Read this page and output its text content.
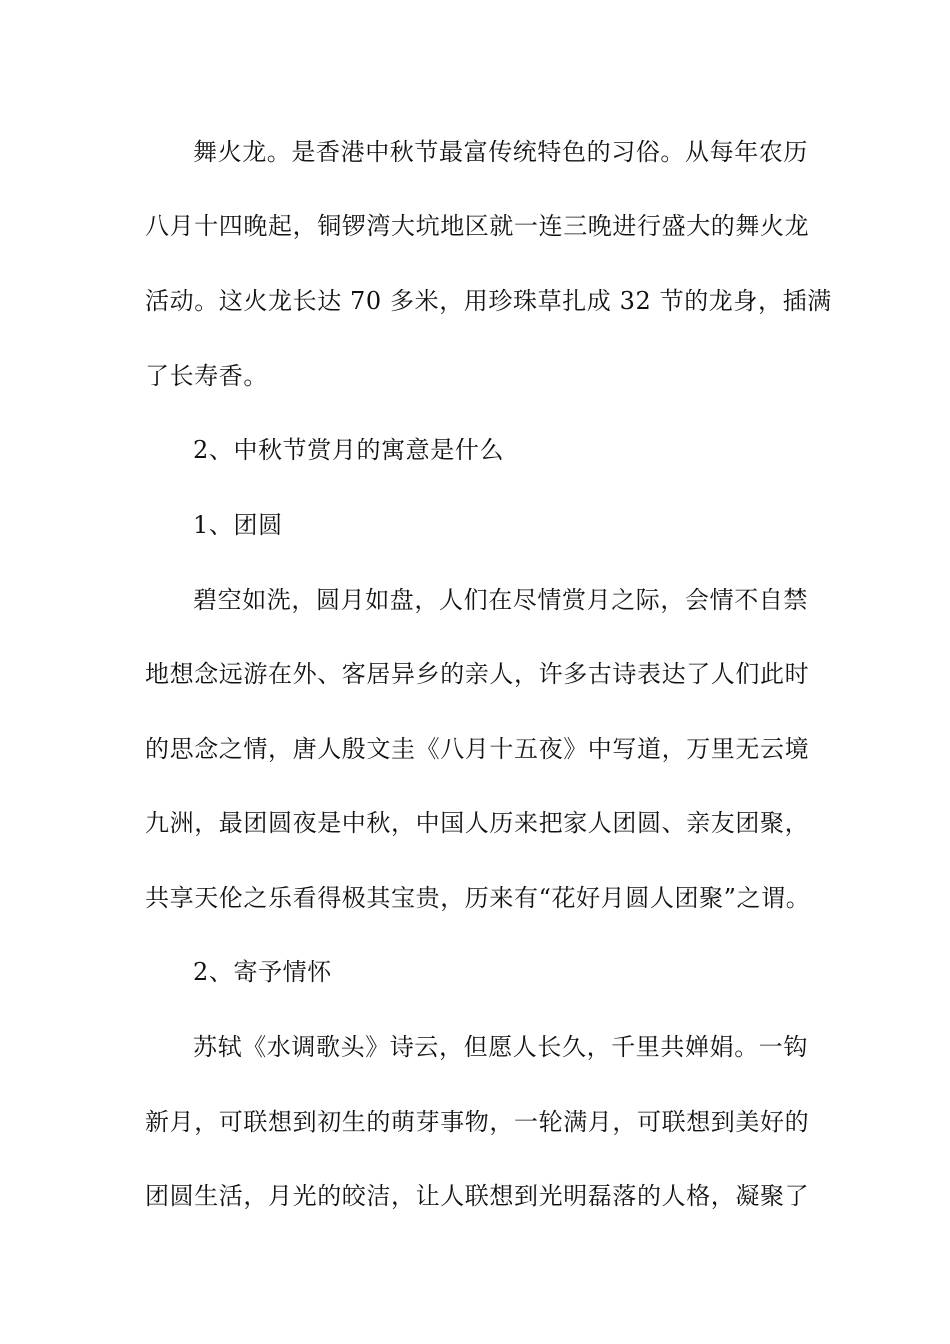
舞火龙。是香港中秋节最富传统特色的习俗。从每年农历
八月十四晚起，铜锣湾大坑地区就一连三晚进行盛大的舞火龙
活动。这火龙长达 70 多米，用珍珠草扎成 32 节的龙身，插满
了长寿香。
2、中秋节赏月的寓意是什么
1、团圆
碧空如洗，圆月如盘，人们在尽情赏月之际，会情不自禁
地想念远游在外、客居异乡的亲人，许多古诗表达了人们此时
的思念之情，唐人殷文圭《八月十五夜》中写道，万里无云境
九洲，最团圆夜是中秋，中国人历来把家人团圆、亲友团聚，
共享天伦之乐看得极其宝贵，历来有“花好月圆人团聚”之谓。
2、寄予情怀
苏轼《水调歌头》诗云，但愿人长久，千里共婵娟。一钩
新月，可联想到初生的萌芽事物，一轮满月，可联想到美好的
团圆生活，月光的皎洁，让人联想到光明磊落的人格，凝聚了
